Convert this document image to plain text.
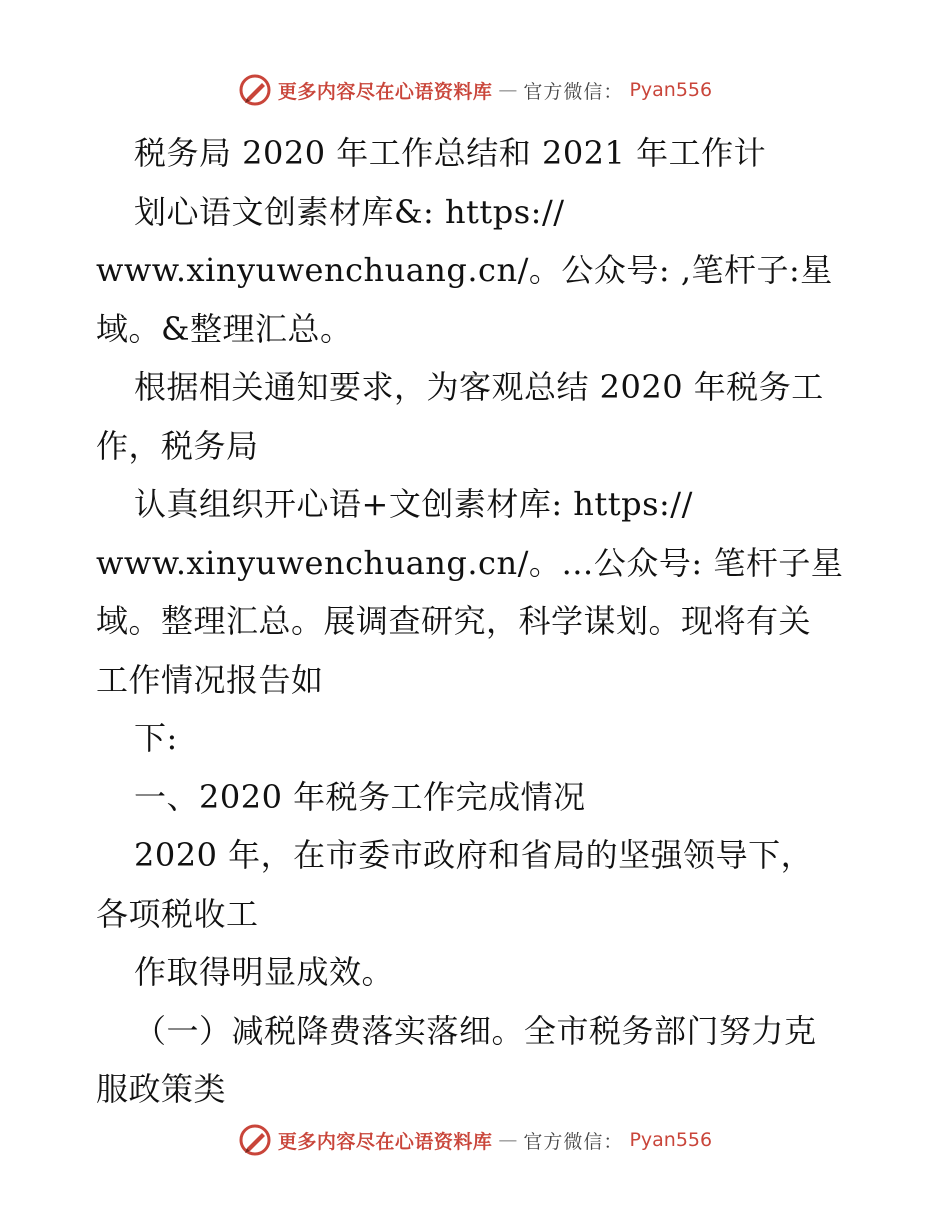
更多内容尽在心语资料库 — 官方微信： Pyan556
税务局 2020 年工作总结和 2021 年工作计
划心语文创素材库&: https://
www.xinyuwenchuang.cn/。公众号: ,笔杆子:星
域。&整理汇总。
根据相关通知要求，为客观总结 2020 年税务工
作，税务局
认真组织开心语+文创素材库: https://
www.xinyuwenchuang.cn/。…公众号: 笔杆子星
域。整理汇总。展调查研究，科学谋划。现将有关
工作情况报告如
下:
一、2020 年税务工作完成情况
2020 年，在市委市政府和省局的坚强领导下，
各项税收工
作取得明显成效。
（一）减税降费落实落细。全市税务部门努力克
服政策类
更多内容尽在心语资料库 — 官方微信： Pyan556
